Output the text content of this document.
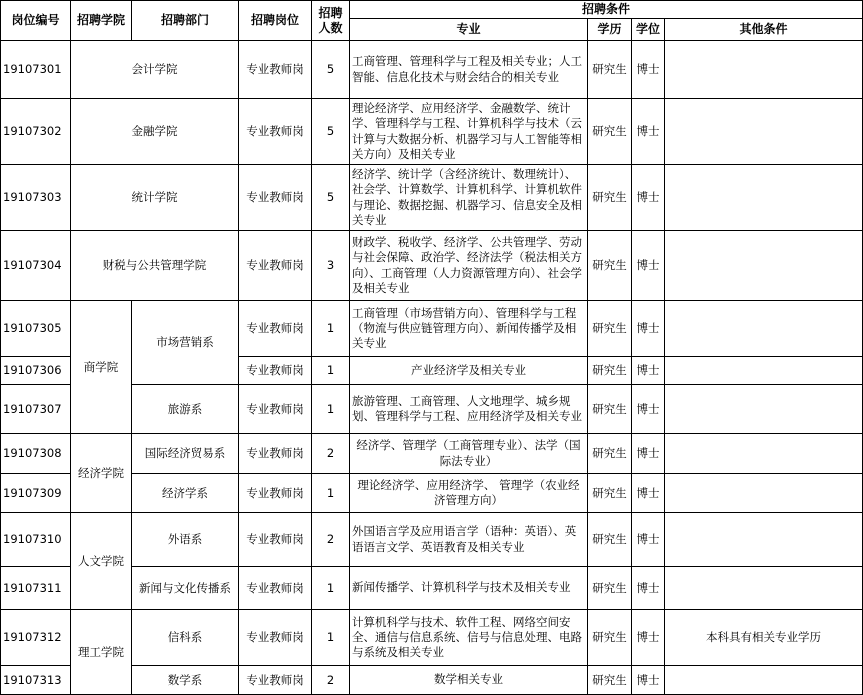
岗位编号	招聘学院	招聘部门	招聘岗位	招聘人数	招聘条件			
					专业	学历	学位	其他条件
19107301	会计学院		专业教师岗	5	工商管理、管理科学与工程及相关专业；人工智能、信息化技术与财会结合的相关专业	研究生	博士	
19107302	金融学院		专业教师岗	5	理论经济学、应用经济学、金融数学、统计学、管理科学与工程、计算机科学与技术（云计算与大数据分析、机器学习与人工智能等相关方向）及相关专业	研究生	博士	
19107303	统计学院		专业教师岗	5	经济学、统计学（含经济统计、数理统计）、社会学、计算数学、计算机科学、计算机软件与理论、数据挖掘、机器学习、信息安全及相关专业	研究生	博士	
19107304	财税与公共管理学院		专业教师岗	3	财政学、税收学、经济学、公共管理学、劳动与社会保障、政治学、经济法学（税法相关方向）、工商管理（人力资源管理方向）、社会学及相关专业	研究生	博士	
19107305	商学院	市场营销系	专业教师岗	1	工商管理（市场营销方向）、管理科学与工程（物流与供应链管理方向）、新闻传播学及相关专业	研究生	博士	
19107306			专业教师岗	1	产业经济学及相关专业	研究生	博士	
19107307		旅游系	专业教师岗	1	旅游管理、工商管理、人文地理学、城乡规划、管理科学与工程、应用经济学及相关专业	研究生	博士	
19107308	经济学院	国际经济贸易系	专业教师岗	2	经济学、管理学（工商管理专业）、法学（国际法专业）	研究生	博士	
19107309		经济学系	专业教师岗	1	理论经济学、应用经济学、 管理学（农业经济管理方向）	研究生	博士	
19107310	人文学院	外语系	专业教师岗	2	外国语言学及应用语言学（语种：英语）、英语语言文学、英语教育及相关专业	研究生	博士	
19107311		新闻与文化传播系	专业教师岗	1	新闻传播学、计算机科学与技术及相关专业	研究生	博士	
19107312	理工学院	信科系	专业教师岗	1	计算机科学与技术、软件工程、网络空间安全、通信与信息系统、信号与信息处理、电路与系统及相关专业	研究生	博士	本科具有相关专业学历
19107313		数学系	专业教师岗	2	数学相关专业	研究生	博士	
